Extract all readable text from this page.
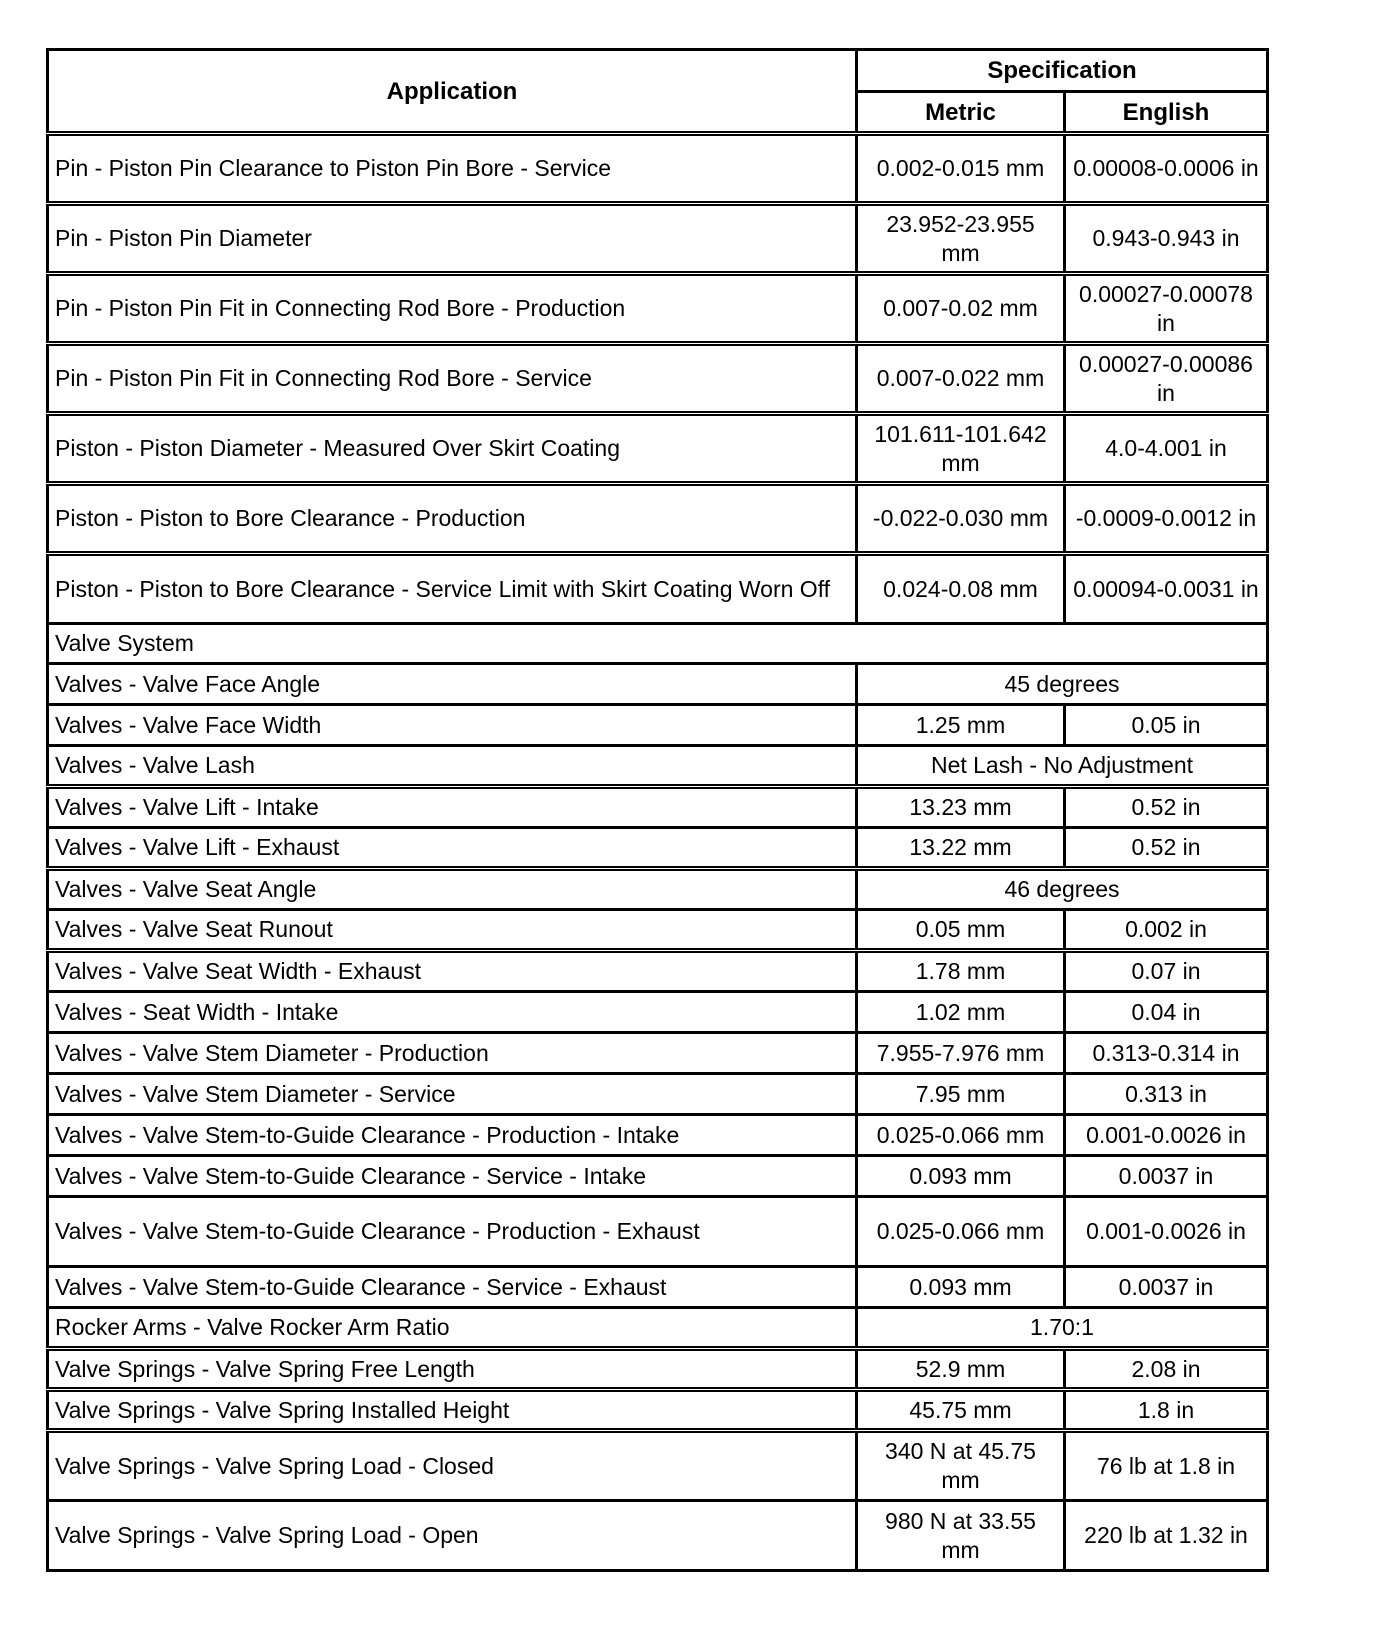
Application	Specification	
	Metric	English
Pin - Piston Pin Clearance to Piston Pin Bore - Service	0.002-0.015 mm	0.00008-0.0006 in
Pin - Piston Pin Diameter	23.952-23.955 mm	0.943-0.943 in
Pin - Piston Pin Fit in Connecting Rod Bore - Production	0.007-0.02 mm	0.00027-0.00078 in
Pin - Piston Pin Fit in Connecting Rod Bore - Service	0.007-0.022 mm	0.00027-0.00086 in
Piston - Piston Diameter - Measured Over Skirt Coating	101.611-101.642 mm	4.0-4.001 in
Piston - Piston to Bore Clearance - Production	-0.022-0.030 mm	-0.0009-0.0012 in
Piston - Piston to Bore Clearance - Service Limit with Skirt Coating Worn Off	0.024-0.08 mm	0.00094-0.0031 in
Valve System		
Valves - Valve Face Angle	45 degrees	
Valves - Valve Face Width	1.25 mm	0.05 in
Valves - Valve Lash	Net Lash - No Adjustment	
Valves - Valve Lift - Intake	13.23 mm	0.52 in
Valves - Valve Lift - Exhaust	13.22 mm	0.52 in
Valves - Valve Seat Angle	46 degrees	
Valves - Valve Seat Runout	0.05 mm	0.002 in
Valves - Valve Seat Width - Exhaust	1.78 mm	0.07 in
Valves - Seat Width - Intake	1.02 mm	0.04 in
Valves - Valve Stem Diameter - Production	7.955-7.976 mm	0.313-0.314 in
Valves - Valve Stem Diameter - Service	7.95 mm	0.313 in
Valves - Valve Stem-to-Guide Clearance - Production - Intake	0.025-0.066 mm	0.001-0.0026 in
Valves - Valve Stem-to-Guide Clearance - Service - Intake	0.093 mm	0.0037 in
Valves - Valve Stem-to-Guide Clearance - Production - Exhaust	0.025-0.066 mm	0.001-0.0026 in
Valves - Valve Stem-to-Guide Clearance - Service - Exhaust	0.093 mm	0.0037 in
Rocker Arms - Valve Rocker Arm Ratio	1.70:1	
Valve Springs - Valve Spring Free Length	52.9 mm	2.08 in
Valve Springs - Valve Spring Installed Height	45.75 mm	1.8 in
Valve Springs - Valve Spring Load - Closed	340 N at 45.75 mm	76 lb at 1.8 in
Valve Springs - Valve Spring Load - Open	980 N at 33.55 mm	220 lb at 1.32 in
